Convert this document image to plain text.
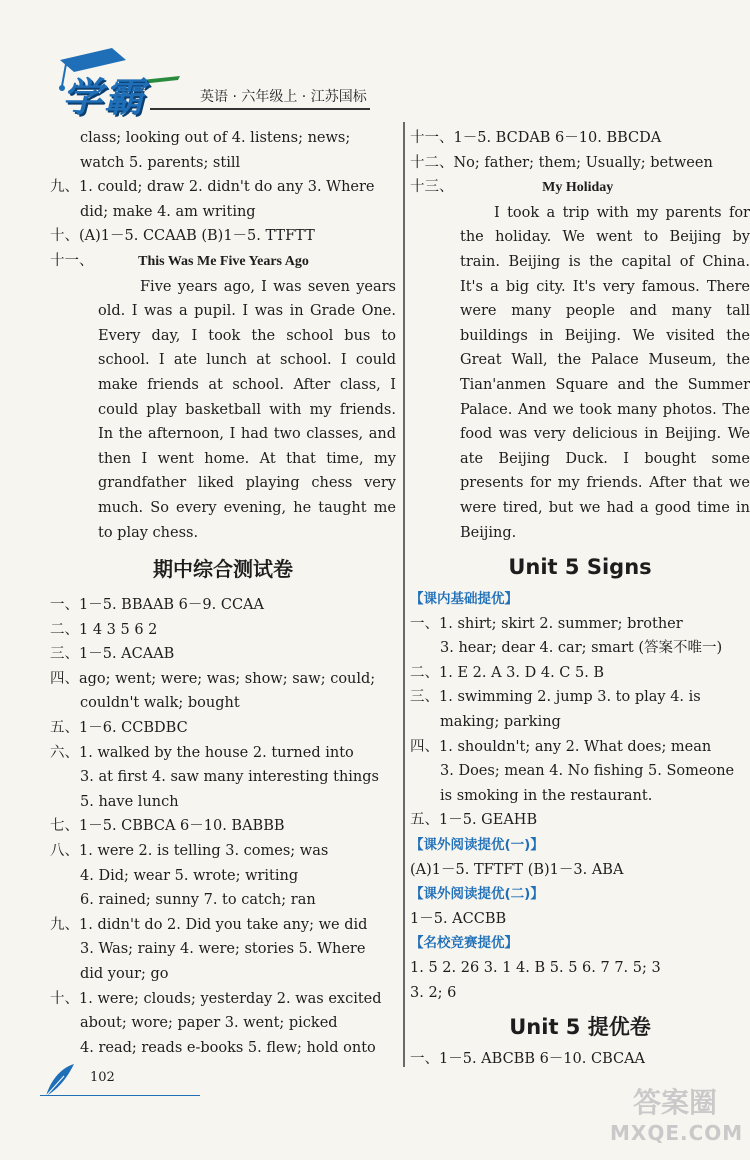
学霸	英语 · 六年级上 · 江苏国标
class; looking out of 4. listens; news;
watch 5. parents; still
九、1. could; draw 2. didn't do any 3. Where
did; make 4. am writing
十、(A)1－5. CCAAB (B)1－5. TTFTT
十一、	This Was Me Five Years Ago
Five years ago, I was seven years old. I was a pupil. I was in Grade One. Every day, I took the school bus to school. I ate lunch at school. I could make friends at school. After class, I could play basketball with my friends. In the afternoon, I had two classes, and then I went home. At that time, my grandfather liked playing chess very much. So every evening, he taught me to play chess.
期中综合测试卷
一、1－5. BBAAB 6－9. CCAA
二、1 4 3 5 6 2
三、1－5. ACAAB
四、ago; went; were; was; show; saw; could;
couldn't walk; bought
五、1－6. CCBDBC
六、1. walked by the house 2. turned into
3. at first 4. saw many interesting things
5. have lunch
七、1－5. CBBCA 6－10. BABBB
八、1. were 2. is telling 3. comes; was
4. Did; wear 5. wrote; writing
6. rained; sunny 7. to catch; ran
九、1. didn't do 2. Did you take any; we did
3. Was; rainy 4. were; stories 5. Where
did your; go
十、1. were; clouds; yesterday 2. was excited
about; wore; paper 3. went; picked
4. read; reads e-books 5. flew; hold onto
十一、1－5. BCDAB 6－10. BBCDA
十二、No; father; them; Usually; between
十三、	My Holiday
I took a trip with my parents for the holiday. We went to Beijing by train. Beijing is the capital of China. It's a big city. It's very famous. There were many people and many tall buildings in Beijing. We visited the Great Wall, the Palace Museum, the Tian'anmen Square and the Summer Palace. And we took many photos. The food was very delicious in Beijing. We ate Beijing Duck. I bought some presents for my friends. After that we were tired, but we had a good time in Beijing.
Unit 5 Signs
【课内基础提优】
一、1. shirt; skirt 2. summer; brother
3. hear; dear 4. car; smart (答案不唯一)
二、1. E 2. A 3. D 4. C 5. B
三、1. swimming 2. jump 3. to play 4. is
making; parking
四、1. shouldn't; any 2. What does; mean
3. Does; mean 4. No fishing 5. Someone
is smoking in the restaurant.
五、1－5. GEAHB
【课外阅读提优(一)】
(A)1－5. TFTFT (B)1－3. ABA
【课外阅读提优(二)】
1－5. ACCBB
【名校竞赛提优】
1. 5 2. 26 3. 1 4. B 5. 5 6. 7 7. 5; 3
3. 2; 6
Unit 5 提优卷
一、1－5. ABCBB 6－10. CBCAA
102
答案圈
MXQE.COM
